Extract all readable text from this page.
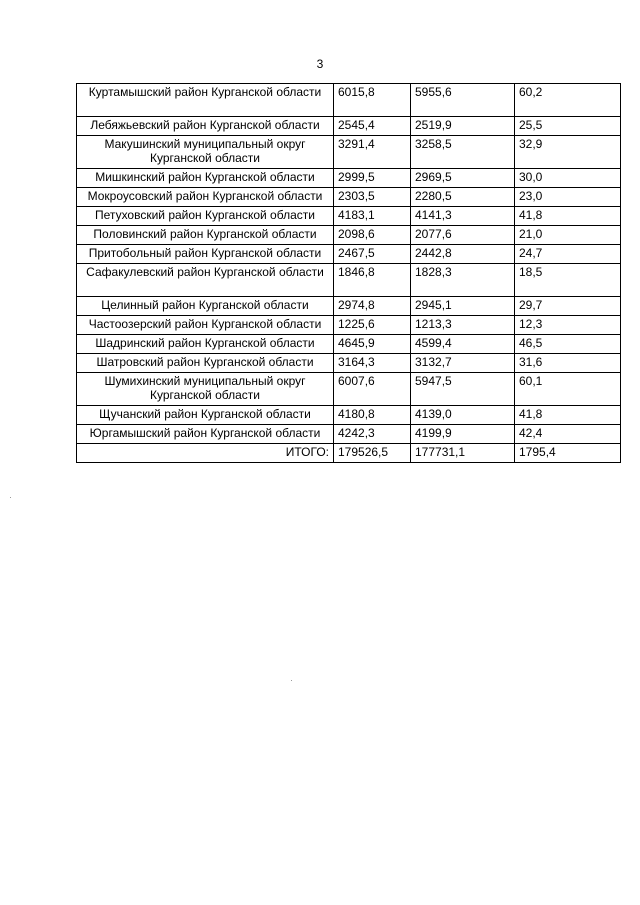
3
Куртамышский район Курганской области	6015,8	5955,6	60,2
Лебяжьевский район Курганской области	2545,4	2519,9	25,5
Макушинский муниципальный округ Курганской области	3291,4	3258,5	32,9
Мишкинский район Курганской области	2999,5	2969,5	30,0
Мокроусовский район Курганской области	2303,5	2280,5	23,0
Петуховский район Курганской области	4183,1	4141,3	41,8
Половинский район Курганской области	2098,6	2077,6	21,0
Притобольный район Курганской области	2467,5	2442,8	24,7
Сафакулевский район Курганской области	1846,8	1828,3	18,5
Целинный район Курганской области	2974,8	2945,1	29,7
Частоозерский район Курганской области	1225,6	1213,3	12,3
Шадринский район Курганской области	4645,9	4599,4	46,5
Шатровский район Курганской области	3164,3	3132,7	31,6
Шумихинский муниципальный округ Курганской области	6007,6	5947,5	60,1
Щучанский район Курганской области	4180,8	4139,0	41,8
Юргамышский район Курганской области	4242,3	4199,9	42,4
ИТОГО:	179526,5	177731,1	1795,4
